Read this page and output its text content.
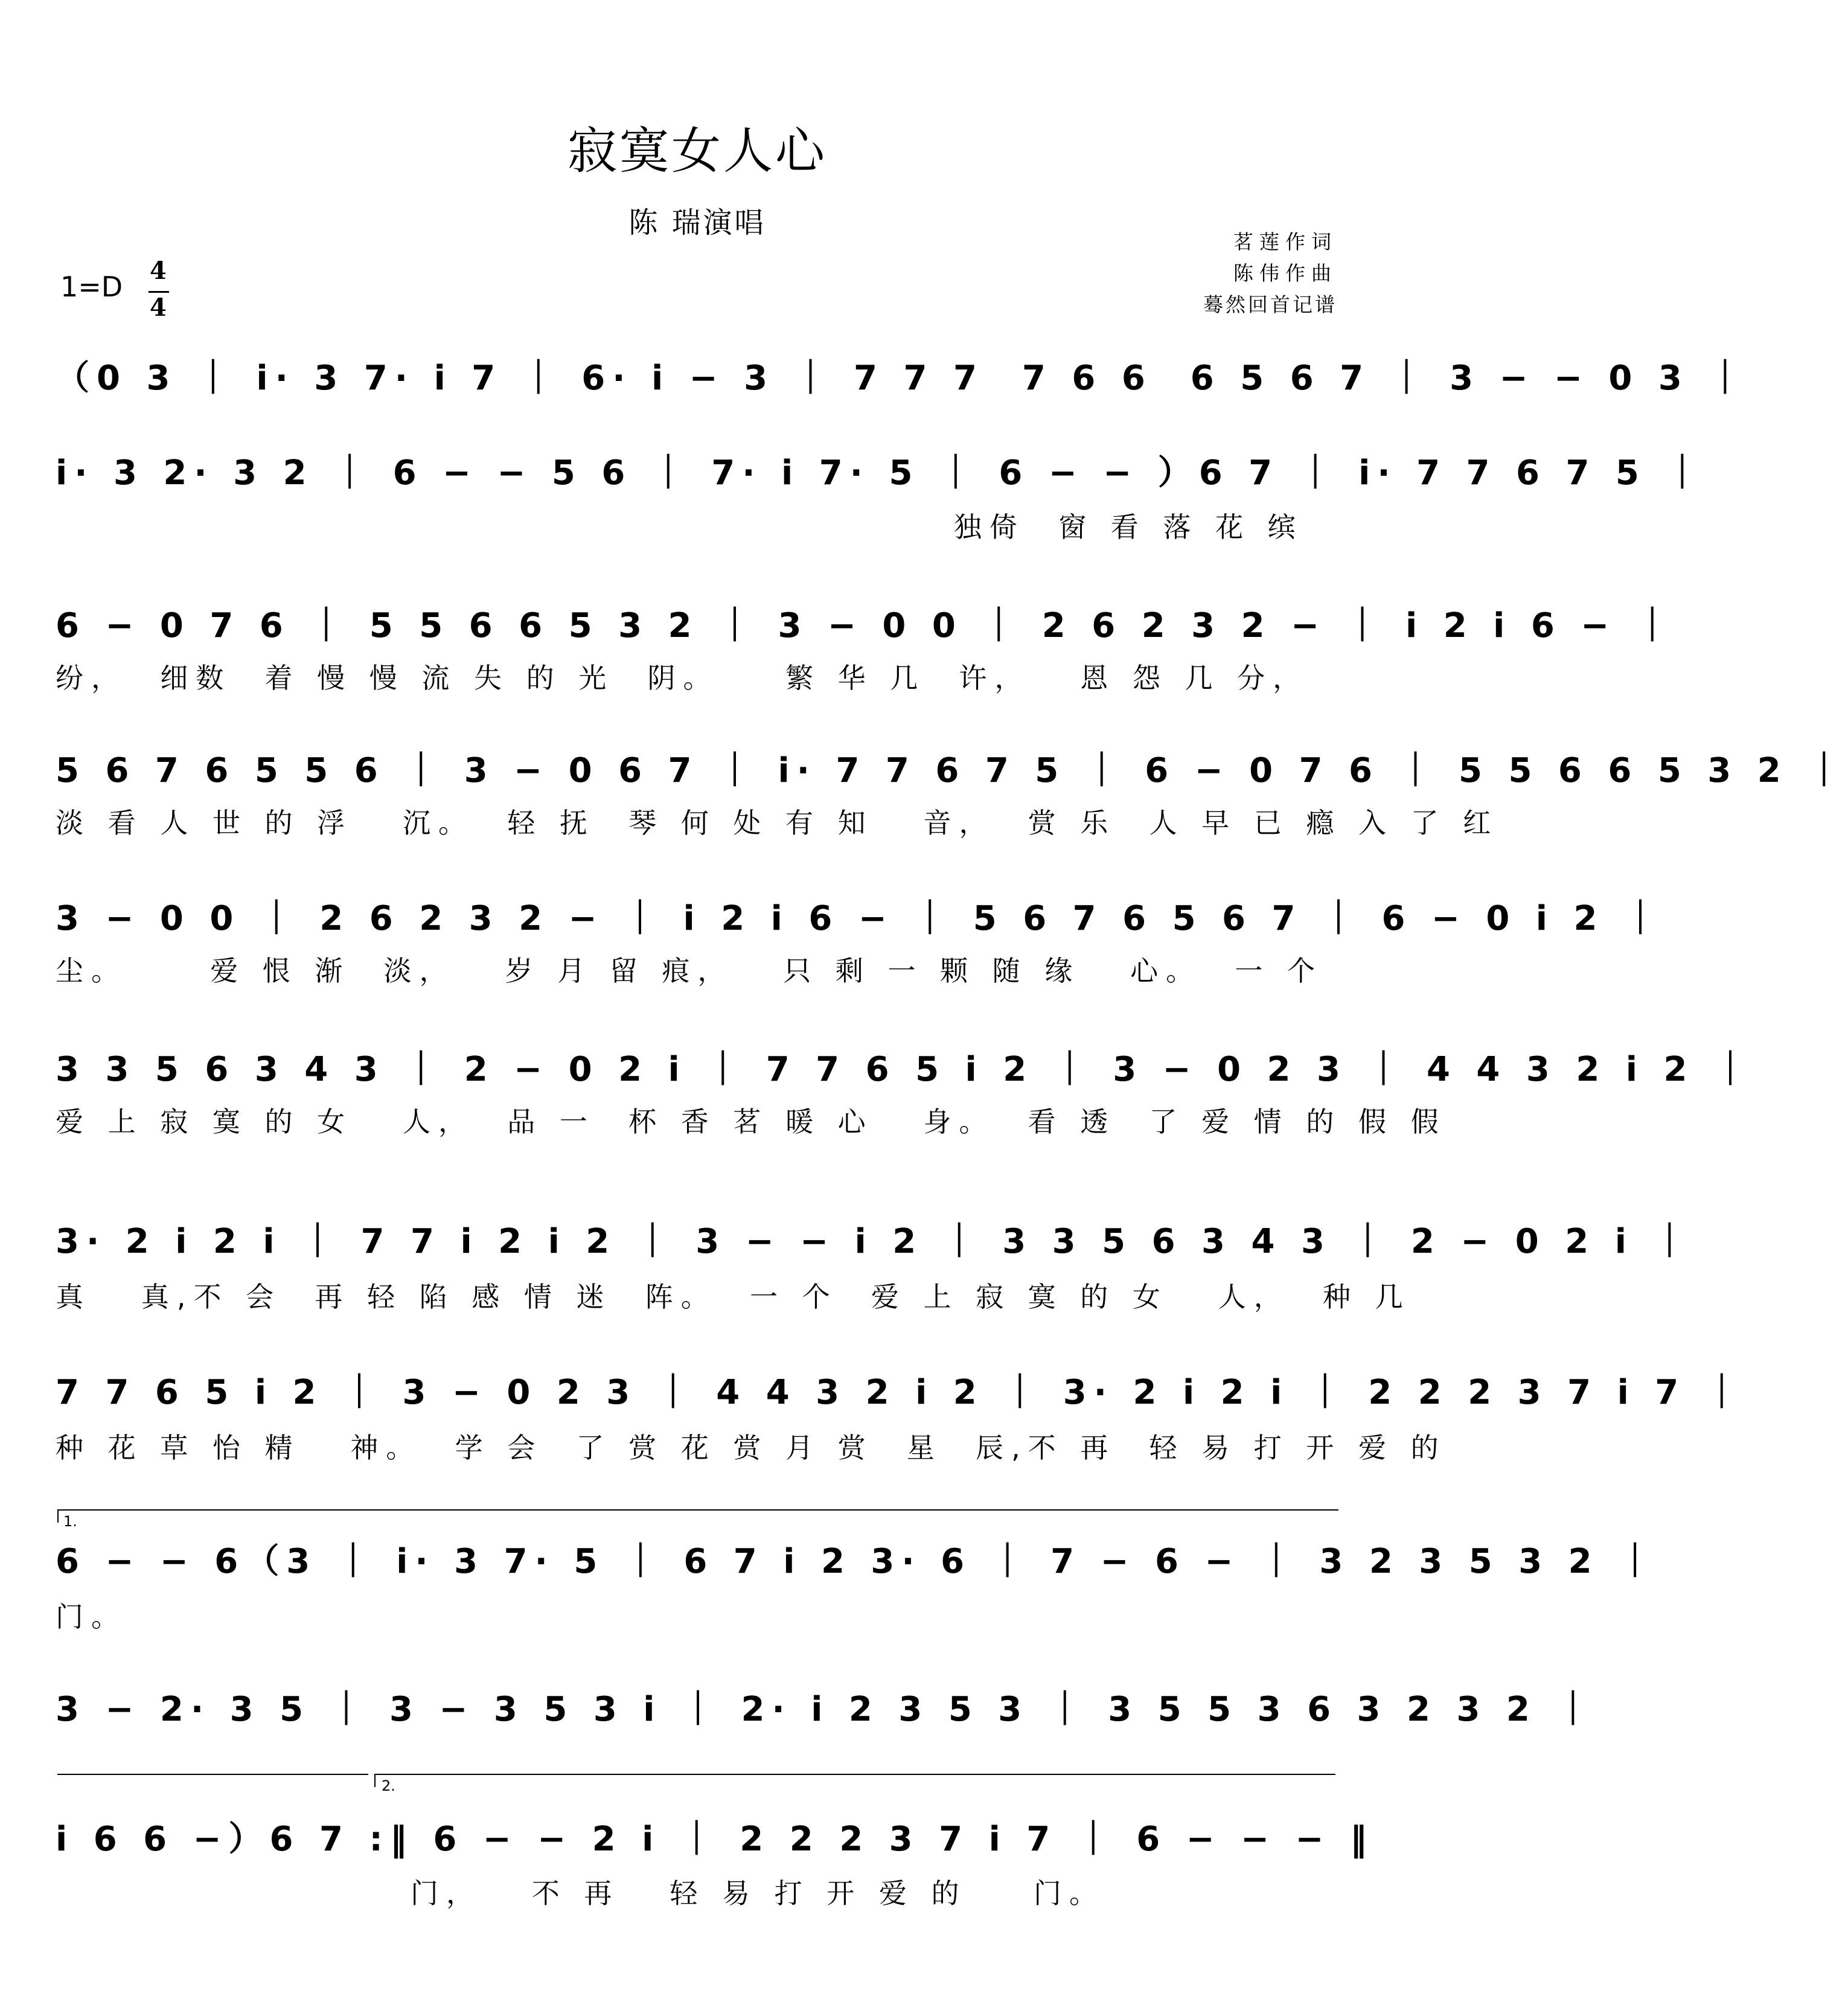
寂寞女人心
陈 瑞演唱
茗莲作词
陈伟作曲
蓦然回首记谱
1=D 4
4
（0 3 ｜ i· 3 7· i 7 ｜ 6· i − 3 ｜ 7 7 7  7 6 6  6 5 6 7 ｜ 3 − − 0 3 ｜
i· 3 2· 3 2 ｜ 6 − − 5 6 ｜ 7· i 7· 5 ｜ 6 − − ）6 7 ｜ i· 7 7 6 7 5 ｜
独倚  窗 看 落 花 缤
6 − 0 7 6 ｜ 5 5 6 6 5 3 2 ｜ 3 − 0 0 ｜ 2 6 2 3 2 − ｜ i 2 i 6 − ｜
纷，  细数  着 慢 慢 流 失 的 光  阴。    繁 华 几  许，   恩 怨 几 分，
5 6 7 6 5 5 6 ｜ 3 − 0 6 7 ｜ i· 7 7 6 7 5 ｜ 6 − 0 7 6 ｜ 5 5 6 6 5 3 2 ｜
淡 看 人 世 的 浮   沉。  轻 抚  琴 何 处 有 知   音，  赏 乐  人 早 已 瘾 入 了 红
3 − 0 0 ｜ 2 6 2 3 2 − ｜ i 2 i 6 − ｜ 5 6 7 6 5 6 7 ｜ 6 − 0 i 2 ｜
尘。     爱 恨 渐  淡，   岁 月 留 痕，   只 剩 一 颗 随 缘   心。  一 个
3 3 5 6 3 4 3 ｜ 2 − 0 2 i ｜ 7 7 6 5 i 2 ｜ 3 − 0 2 3 ｜ 4 4 3 2 i 2 ｜
爱 上 寂 寞 的 女   人，  品 一  杯 香 茗 暖 心   身。  看 透  了 爱 情 的 假 假
3· 2 i 2 i ｜ 7 7 i 2 i 2 ｜ 3 − − i 2 ｜ 3 3 5 6 3 4 3 ｜ 2 − 0 2 i ｜
真   真,不 会  再 轻 陷 感 情 迷  阵。  一 个  爱 上 寂 寞 的 女   人，  种 几
7 7 6 5 i 2 ｜ 3 − 0 2 3 ｜ 4 4 3 2 i 2 ｜ 3· 2 i 2 i ｜ 2 2 2 3 7 i 7 ｜
种 花 草 怡 精   神。  学 会  了 赏 花 赏 月 赏  星  辰,不 再  轻 易 打 开 爱 的
1.
6 − − 6（3 ｜ i· 3 7· 5 ｜ 6 7 i 2 3· 6 ｜ 7 − 6 − ｜ 3 2 3 5 3 2 ｜
门。
3 − 2· 3 5 ｜ 3 − 3 5 3 i ｜ 2· i 2 3 5 3 ｜ 3 5 5 3 6 3 2 3 2 ｜
2.
i 6 6 −）6 7 :‖ 6 − − 2 i ｜ 2 2 2 3 7 i 7 ｜ 6 − − − ‖
门，   不 再   轻 易 打 开 爱 的    门。
